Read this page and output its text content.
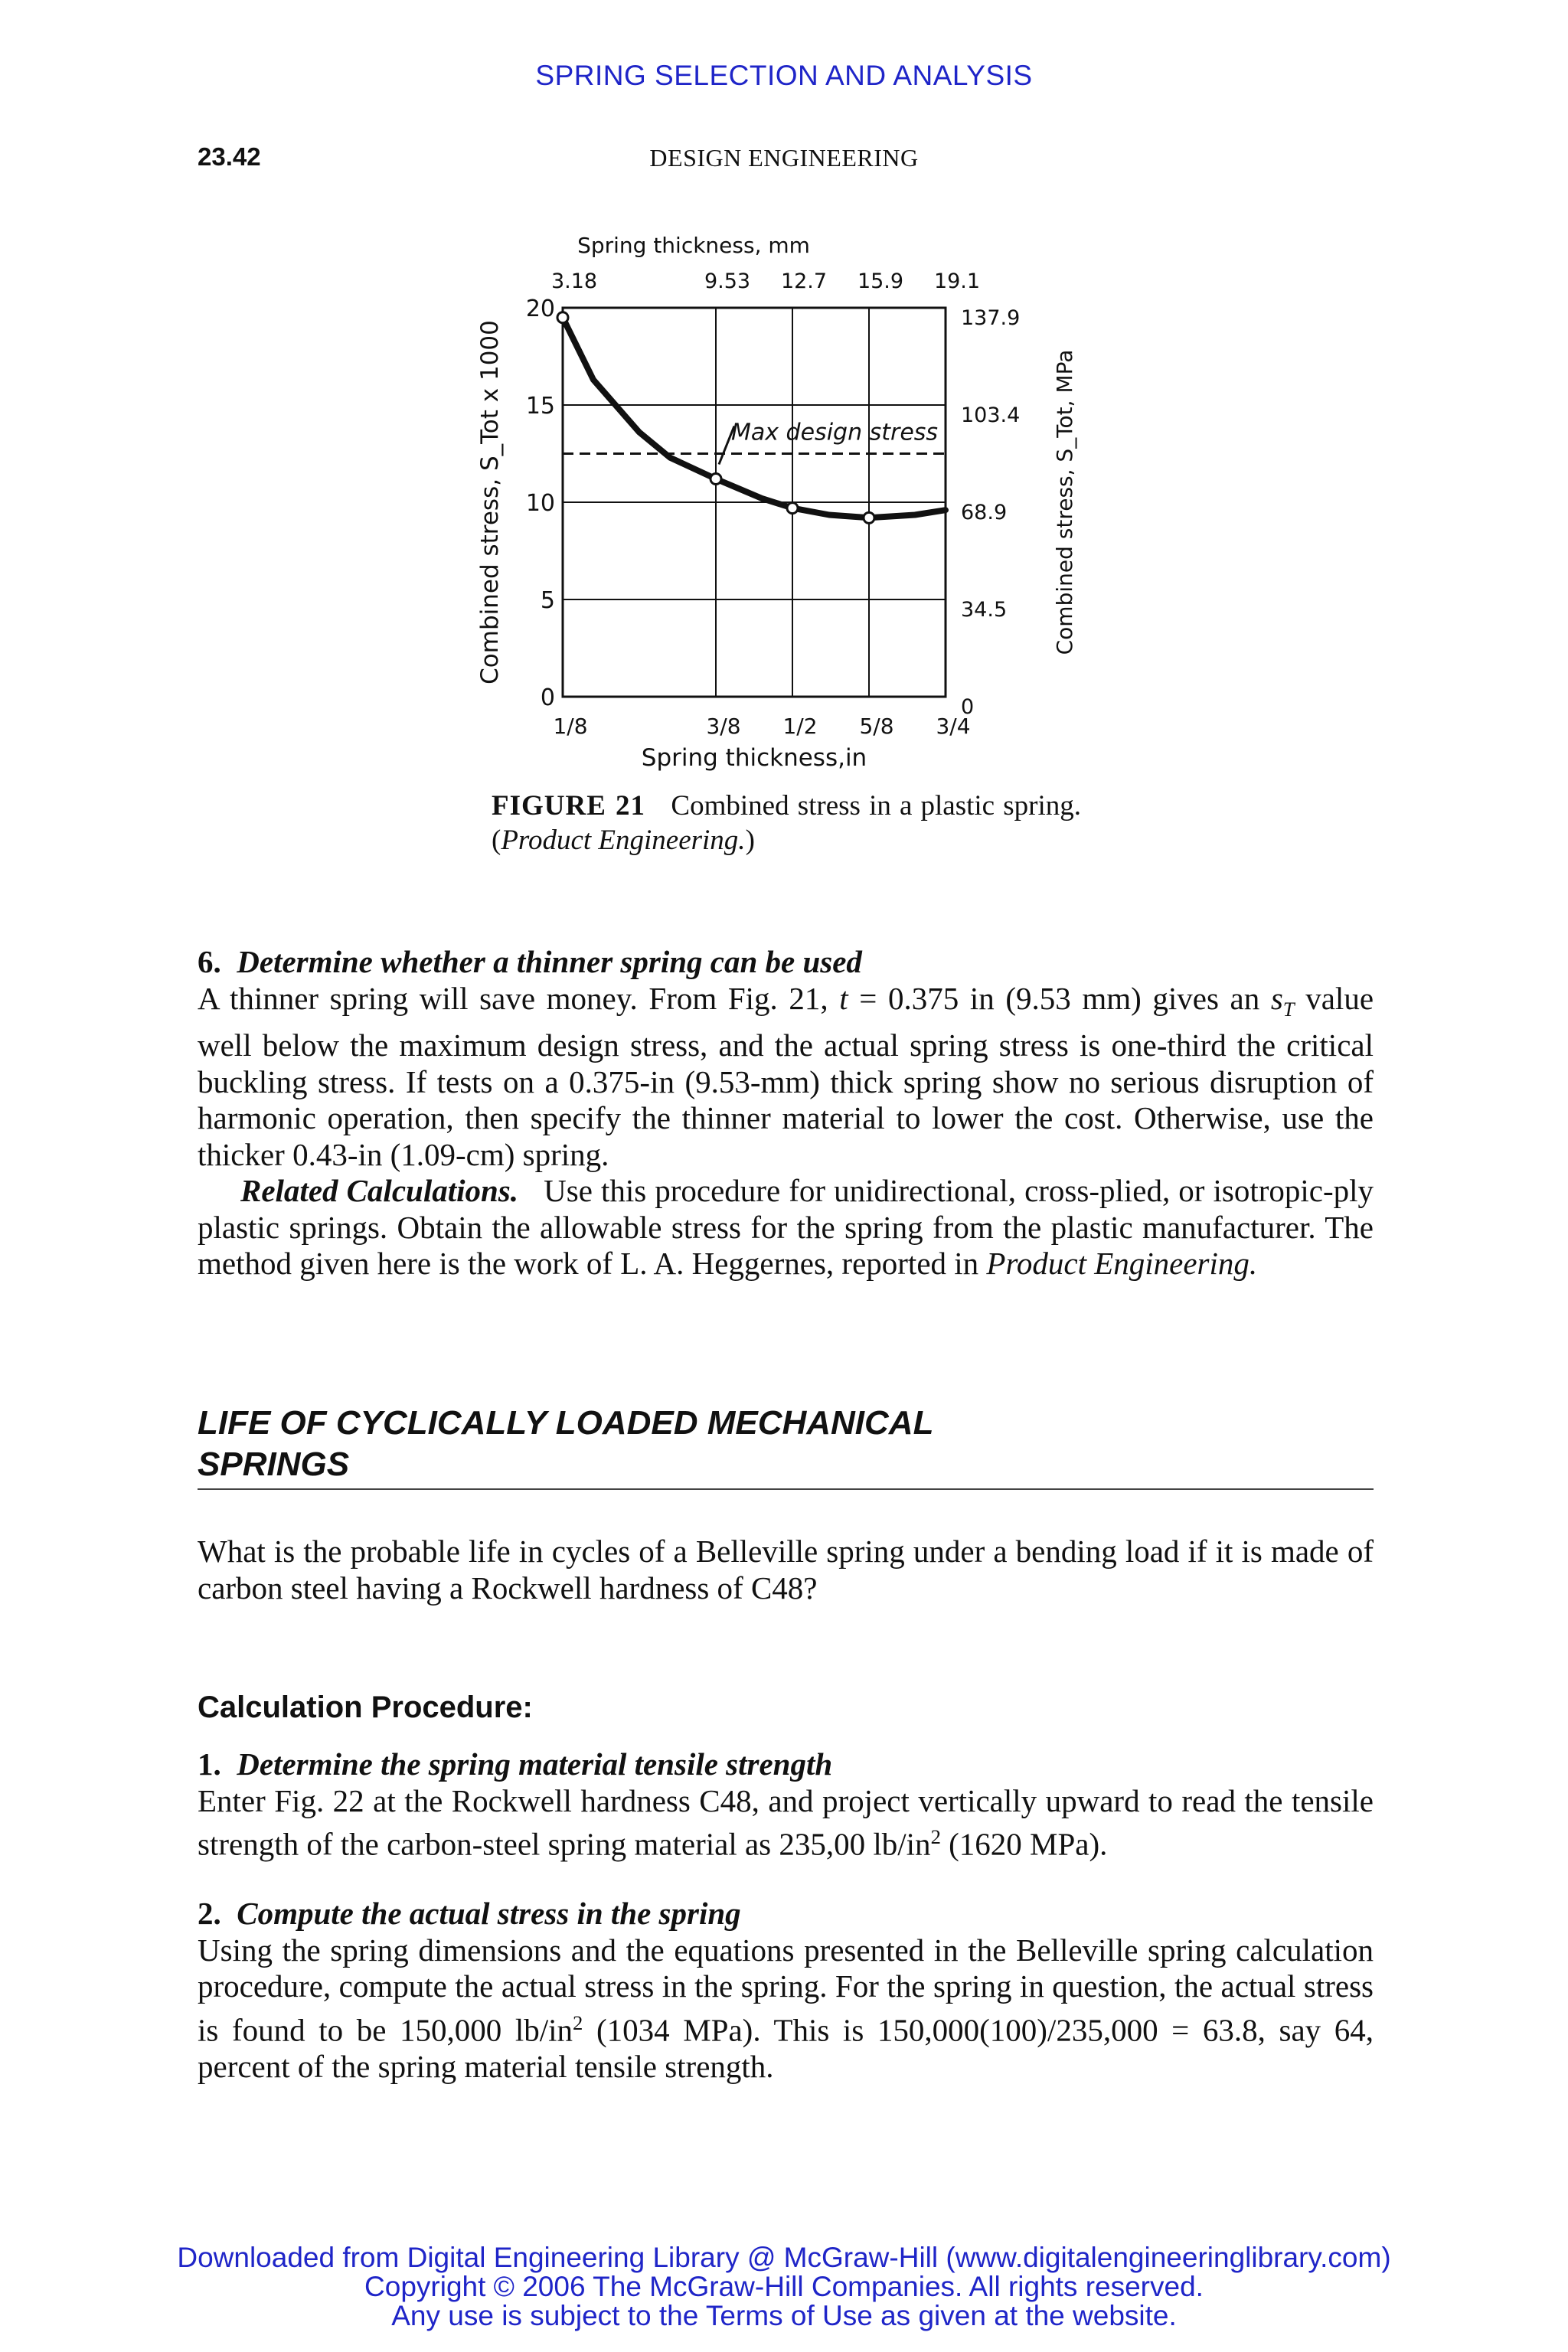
SPRING SELECTION AND ANALYSIS
23.42	DESIGN ENGINEERING
Spring thickness, mm
3.18	9.53 12.7 15.9 19.1
0
5
10
15
20
0
34.5
68.9
103.4
137.9
1/8	3/8 1/2 5/8 3/4
Max design stress
Spring thickness,in
Combined stress, S_Tot x 1000	Combined stress, S_Tot, MPa
FIGURE 21 Combined stress in a plastic spring. (Product Engineering.)

6. Determine whether a thinner spring can be used

A thinner spring will save money. From Fig. 21, t = 0.375 in (9.53 mm) gives an $s_T$ value well below the maximum design stress, and the actual spring stress is one-third the critical buckling stress. If tests on a 0.375-in (9.53-mm) thick spring show no serious disruption of harmonic operation, then specify the thinner material to lower the cost. Otherwise, use the thicker 0.43-in (1.09-cm) spring.

Related Calculations. Use this procedure for unidirectional, cross-plied, or isotropic-ply plastic springs. Obtain the allowable stress for the spring from the plastic manufacturer. The method given here is the work of L. A. Heggernes, reported in Product Engineering.

LIFE OF CYCLICALLY LOADED MECHANICAL
SPRINGS

What is the probable life in cycles of a Belleville spring under a bending load if it is made of carbon steel having a Rockwell hardness of C48?

Calculation Procedure:

1. Determine the spring material tensile strength

Enter Fig. 22 at the Rockwell hardness C48, and project vertically upward to read the tensile strength of the carbon-steel spring material as 235,00 $lb/in^2$ (1620 MPa).

2. Compute the actual stress in the spring

Using the spring dimensions and the equations presented in the Belleville spring calculation procedure, compute the actual stress in the spring. For the spring in question, the actual stress is found to be 150,000 $lb/in^2$ (1034 MPa). This is 150,000(100)/235,000 = 63.8, say 64, percent of the spring material tensile strength.

Downloaded from Digital Engineering Library @ McGraw-Hill (www.digitalengineeringlibrary.com)
Copyright © 2006 The McGraw-Hill Companies. All rights reserved.
Any use is subject to the Terms of Use as given at the website.
